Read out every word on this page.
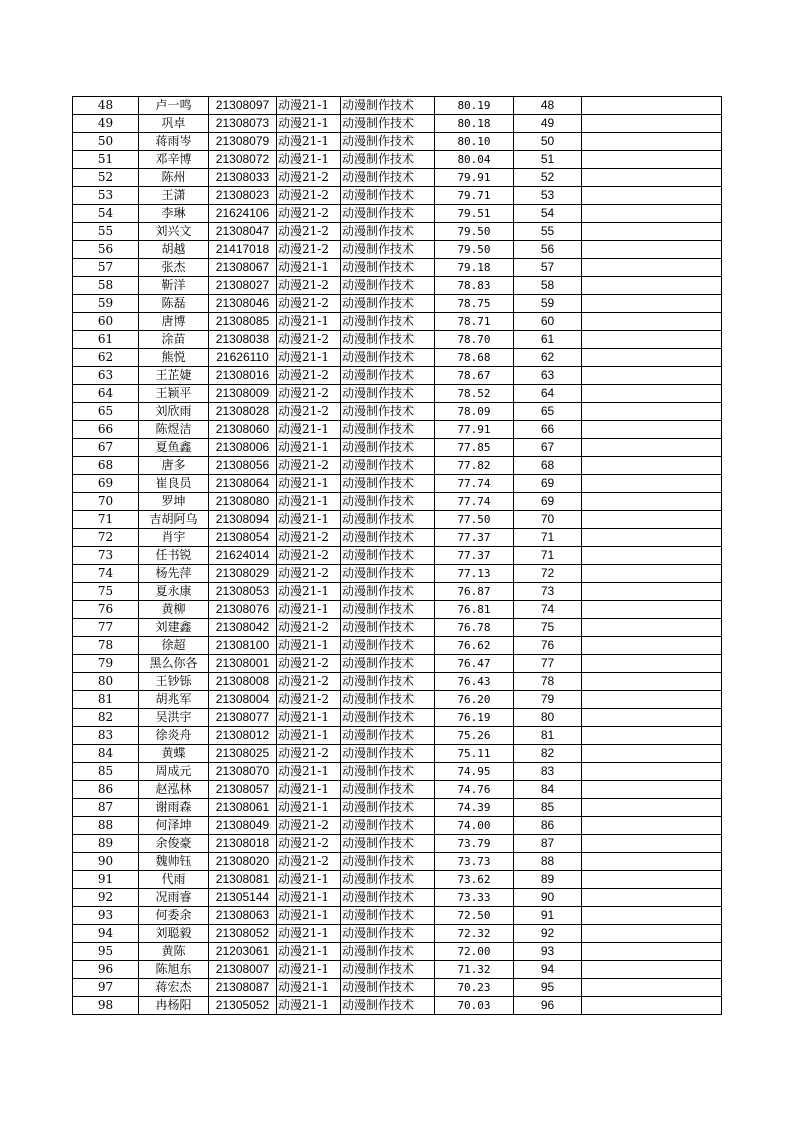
48	卢一鸣	21308097	动漫21-1	动漫制作技术	80.19	48	
49	巩卓	21308073	动漫21-1	动漫制作技术	80.18	49	
50	蒋雨岑	21308079	动漫21-1	动漫制作技术	80.10	50	
51	邓辛博	21308072	动漫21-1	动漫制作技术	80.04	51	
52	陈州	21308033	动漫21-2	动漫制作技术	79.91	52	
53	王潇	21308023	动漫21-2	动漫制作技术	79.71	53	
54	李琳	21624106	动漫21-2	动漫制作技术	79.51	54	
55	刘兴文	21308047	动漫21-2	动漫制作技术	79.50	55	
56	胡越	21417018	动漫21-2	动漫制作技术	79.50	56	
57	张杰	21308067	动漫21-1	动漫制作技术	79.18	57	
58	靳洋	21308027	动漫21-2	动漫制作技术	78.83	58	
59	陈磊	21308046	动漫21-2	动漫制作技术	78.75	59	
60	唐博	21308085	动漫21-1	动漫制作技术	78.71	60	
61	涂苗	21308038	动漫21-2	动漫制作技术	78.70	61	
62	熊悦	21626110	动漫21-1	动漫制作技术	78.68	62	
63	王芷婕	21308016	动漫21-2	动漫制作技术	78.67	63	
64	王颖平	21308009	动漫21-2	动漫制作技术	78.52	64	
65	刘欣雨	21308028	动漫21-2	动漫制作技术	78.09	65	
66	陈煜洁	21308060	动漫21-1	动漫制作技术	77.91	66	
67	夏鱼鑫	21308006	动漫21-1	动漫制作技术	77.85	67	
68	唐多	21308056	动漫21-2	动漫制作技术	77.82	68	
69	崔良员	21308064	动漫21-1	动漫制作技术	77.74	69	
70	罗坤	21308080	动漫21-1	动漫制作技术	77.74	69	
71	吉胡阿乌	21308094	动漫21-1	动漫制作技术	77.50	70	
72	肖宇	21308054	动漫21-2	动漫制作技术	77.37	71	
73	任书锐	21624014	动漫21-2	动漫制作技术	77.37	71	
74	杨先萍	21308029	动漫21-2	动漫制作技术	77.13	72	
75	夏永康	21308053	动漫21-1	动漫制作技术	76.87	73	
76	黄柳	21308076	动漫21-1	动漫制作技术	76.81	74	
77	刘建鑫	21308042	动漫21-2	动漫制作技术	76.78	75	
78	徐超	21308100	动漫21-1	动漫制作技术	76.62	76	
79	黑么你各	21308001	动漫21-2	动漫制作技术	76.47	77	
80	王钞铄	21308008	动漫21-2	动漫制作技术	76.43	78	
81	胡兆军	21308004	动漫21-2	动漫制作技术	76.20	79	
82	吴洪宇	21308077	动漫21-1	动漫制作技术	76.19	80	
83	徐炎舟	21308012	动漫21-1	动漫制作技术	75.26	81	
84	黄蝶	21308025	动漫21-2	动漫制作技术	75.11	82	
85	周成元	21308070	动漫21-1	动漫制作技术	74.95	83	
86	赵泓林	21308057	动漫21-1	动漫制作技术	74.76	84	
87	谢雨森	21308061	动漫21-1	动漫制作技术	74.39	85	
88	何泽坤	21308049	动漫21-2	动漫制作技术	74.00	86	
89	余俊豪	21308018	动漫21-2	动漫制作技术	73.79	87	
90	魏帅钰	21308020	动漫21-2	动漫制作技术	73.73	88	
91	代雨	21308081	动漫21-1	动漫制作技术	73.62	89	
92	况雨睿	21305144	动漫21-1	动漫制作技术	73.33	90	
93	何委余	21308063	动漫21-1	动漫制作技术	72.50	91	
94	刘聪毅	21308052	动漫21-1	动漫制作技术	72.32	92	
95	黄陈	21203061	动漫21-1	动漫制作技术	72.00	93	
96	陈旭东	21308007	动漫21-1	动漫制作技术	71.32	94	
97	蒋宏杰	21308087	动漫21-1	动漫制作技术	70.23	95	
98	冉杨阳	21305052	动漫21-1	动漫制作技术	70.03	96	
